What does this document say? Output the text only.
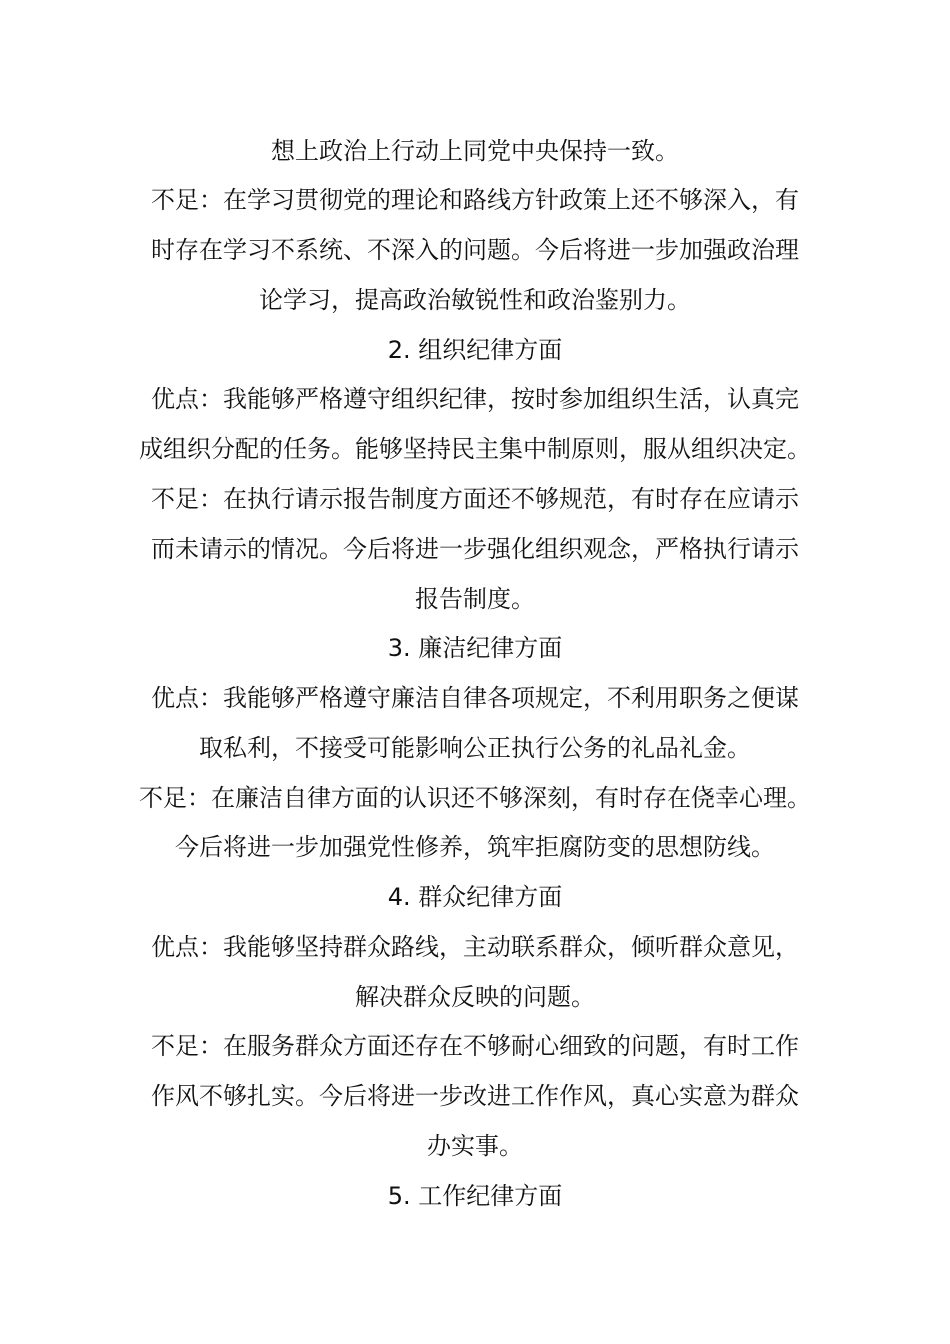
想上政治上行动上同党中央保持一致。
不足：在学习贯彻党的理论和路线方针政策上还不够深入，有
时存在学习不系统、不深入的问题。今后将进一步加强政治理
论学习，提高政治敏锐性和政治鉴别力。
2. 组织纪律方面
优点：我能够严格遵守组织纪律，按时参加组织生活，认真完
成组织分配的任务。能够坚持民主集中制原则，服从组织决定。
不足：在执行请示报告制度方面还不够规范，有时存在应请示
而未请示的情况。今后将进一步强化组织观念，严格执行请示
报告制度。
3. 廉洁纪律方面
优点：我能够严格遵守廉洁自律各项规定，不利用职务之便谋
取私利，不接受可能影响公正执行公务的礼品礼金。
不足：在廉洁自律方面的认识还不够深刻，有时存在侥幸心理。
今后将进一步加强党性修养，筑牢拒腐防变的思想防线。
4. 群众纪律方面
优点：我能够坚持群众路线，主动联系群众，倾听群众意见，
解决群众反映的问题。
不足：在服务群众方面还存在不够耐心细致的问题，有时工作
作风不够扎实。今后将进一步改进工作作风，真心实意为群众
办实事。
5. 工作纪律方面
